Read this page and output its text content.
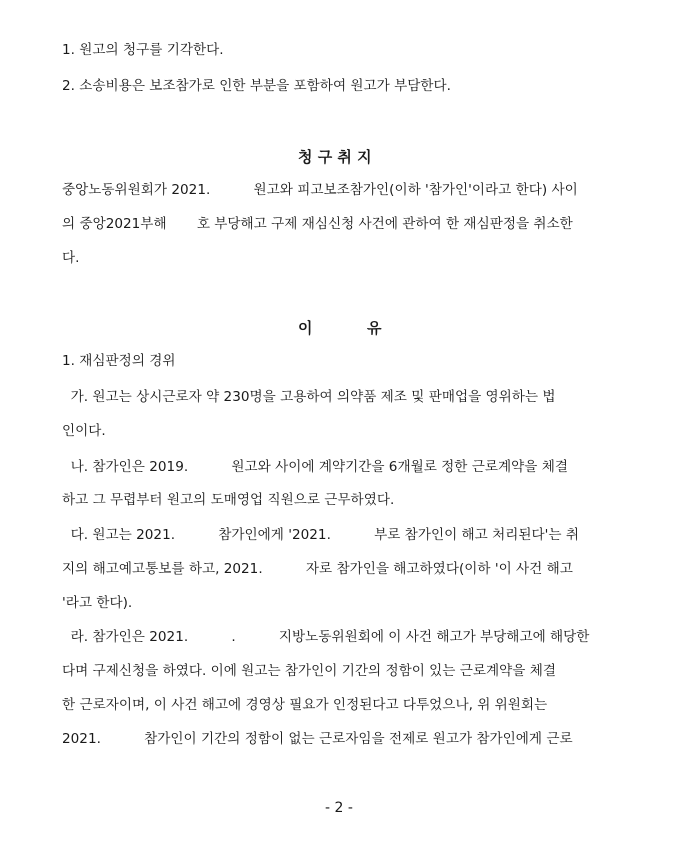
1. 원고의 청구를 기각한다.
2. 소송비용은 보조참가로 인한 부분을 포함하여 원고가 부담한다.
청 구 취 지
중앙노동위원회가 2021.          원고와 피고보조참가인(이하 '참가인'이라고 한다) 사이
의 중앙2021부해       호 부당해고 구제 재심신청 사건에 관하여 한 재심판정을 취소한
다.
이	유
1. 재심판정의 경위
가. 원고는 상시근로자 약 230명을 고용하여 의약품 제조 및 판매업을 영위하는 법
인이다.
나. 참가인은 2019.          원고와 사이에 계약기간을 6개월로 정한 근로계약을 체결
하고 그 무렵부터 원고의 도매영업 직원으로 근무하였다.
다. 원고는 2021.          참가인에게 '2021.          부로 참가인이 해고 처리된다'는 취
지의 해고예고통보를 하고, 2021.          자로 참가인을 해고하였다(이하 '이 사건 해고
'라고 한다).
라. 참가인은 2021.          .          지방노동위원회에 이 사건 해고가 부당해고에 해당한
다며 구제신청을 하였다. 이에 원고는 참가인이 기간의 정함이 있는 근로계약을 체결
한 근로자이며, 이 사건 해고에 경영상 필요가 인정된다고 다투었으나, 위 위원회는
2021.          참가인이 기간의 정함이 없는 근로자임을 전제로 원고가 참가인에게 근로
- 2 -
